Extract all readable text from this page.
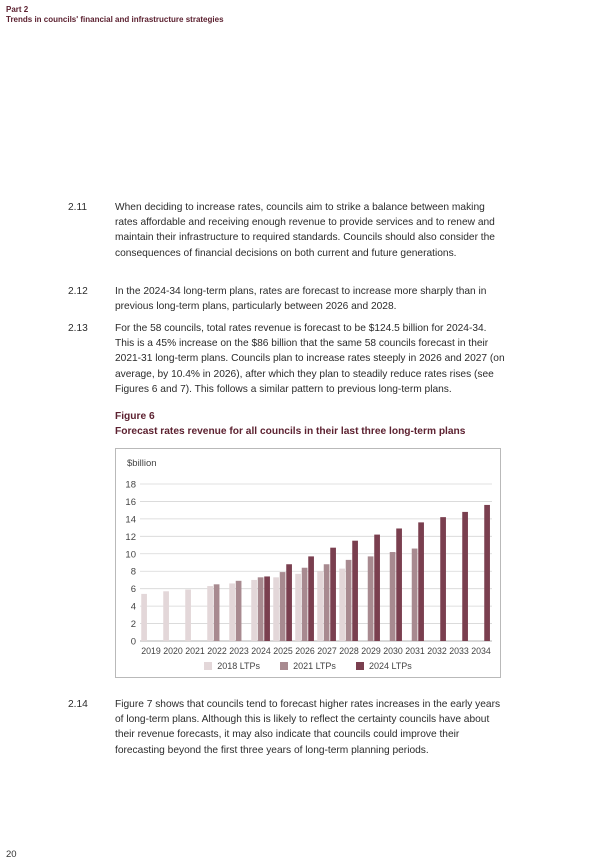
Part 2
Trends in councils' financial and infrastructure strategies
2.11	When deciding to increase rates, councils aim to strike a balance between making rates affordable and receiving enough revenue to provide services and to renew and maintain their infrastructure to required standards. Councils should also consider the consequences of financial decisions on both current and future generations.
2.12	In the 2024-34 long-term plans, rates are forecast to increase more sharply than in previous long-term plans, particularly between 2026 and 2028.
2.13	For the 58 councils, total rates revenue is forecast to be $124.5 billion for 2024-34. This is a 45% increase on the $86 billion that the same 58 councils forecast in their 2021-31 long-term plans. Councils plan to increase rates steeply in 2026 and 2027 (on average, by 10.4% in 2026), after which they plan to steadily reduce rates rises (see Figures 6 and 7). This follows a similar pattern to previous long-term plans.
Figure 6
Forecast rates revenue for all councils in their last three long-term plans
$billion
0
2
4
6
8
10
12
14
16
18
2019 2020 2021 2022 2023 2024 2025 2026 2027 2028 2029 2030 2031 2032 2033 2034
2018 LTPs	2021 LTPs	2024 LTPs
2.14	Figure 7 shows that councils tend to forecast higher rates increases in the early years of long-term plans. Although this is likely to reflect the certainty councils have about their revenue forecasts, it may also indicate that councils could improve their forecasting beyond the first three years of long-term planning periods.
20
